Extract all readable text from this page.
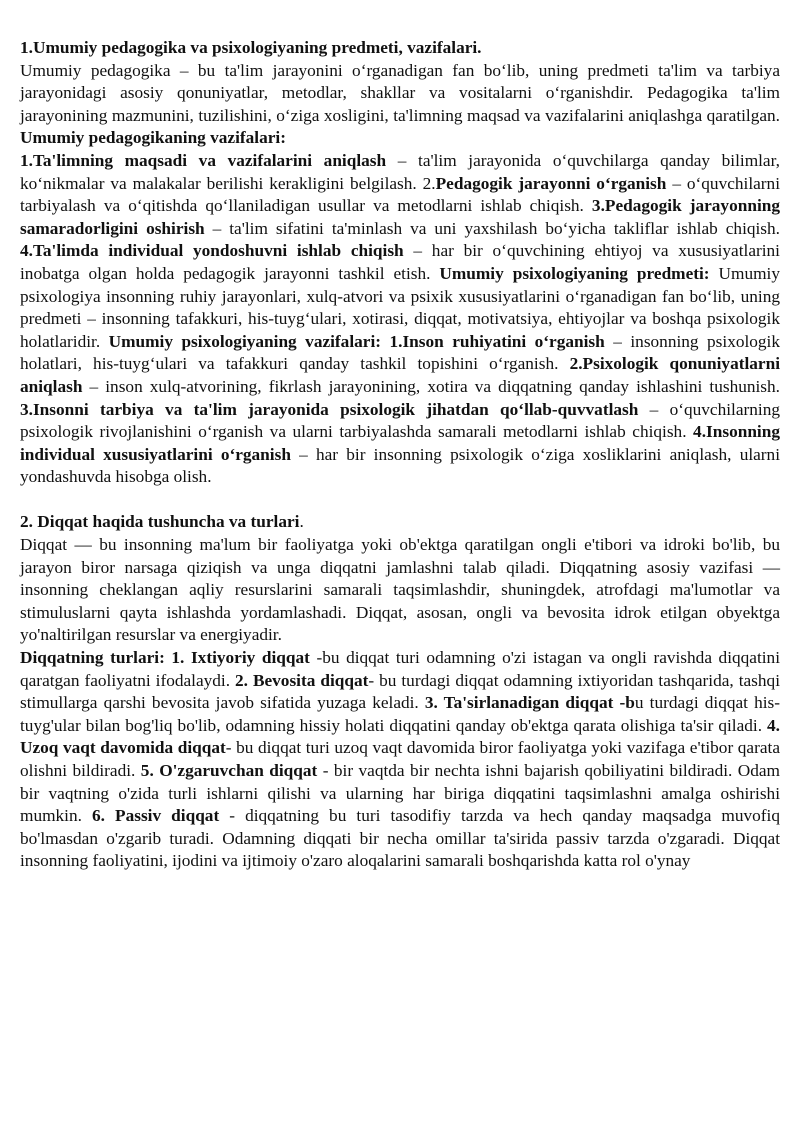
1.Umumiy pedagogika va psixologiyaning predmeti, vazifalari.

Umumiy pedagogika – bu ta'lim jarayonini o‘rganadigan fan bo‘lib, uning predmeti ta'lim va tarbiya jarayonidagi asosiy qonuniyatlar, metodlar, shakllar va vositalarni o‘rganishdir. Pedagogika ta'lim jarayonining mazmunini, tuzilishini, o‘ziga xosligini, ta'limning maqsad va vazifalarini aniqlashga qaratilgan. Umumiy pedagogikaning vazifalari:

1.Ta'limning maqsadi va vazifalarini aniqlash – ta'lim jarayonida o‘quvchilarga qanday bilimlar, ko‘nikmalar va malakalar berilishi kerakligini belgilash. 2.Pedagogik jarayonni o‘rganish – o‘quvchilarni tarbiyalash va o‘qitishda qo‘llaniladigan usullar va metodlarni ishlab chiqish. 3.Pedagogik jarayonning samaradorligini oshirish – ta'lim sifatini ta'minlash va uni yaxshilash bo‘yicha takliflar ishlab chiqish. 4.Ta'limda individual yondoshuvni ishlab chiqish – har bir o‘quvchining ehtiyoj va xususiyatlarini inobatga olgan holda pedagogik jarayonni tashkil etish. Umumiy psixologiyaning predmeti: Umumiy psixologiya insonning ruhiy jarayonlari, xulq-atvori va psixik xususiyatlarini o‘rganadigan fan bo‘lib, uning predmeti – insonning tafakkuri, his-tuyg‘ulari, xotirasi, diqqat, motivatsiya, ehtiyojlar va boshqa psixologik holatlaridir. Umumiy psixologiyaning vazifalari: 1.Inson ruhiyatini o‘rganish – insonning psixologik holatlari, his-tuyg‘ulari va tafakkuri qanday tashkil topishini o‘rganish. 2.Psixologik qonuniyatlarni aniqlash – inson xulq-atvorining, fikrlash jarayonining, xotira va diqqatning qanday ishlashini tushunish. 3.Insonni tarbiya va ta'lim jarayonida psixologik jihatdan qo‘llab-quvvatlash – o‘quvchilarning psixologik rivojlanishini o‘rganish va ularni tarbiyalashda samarali metodlarni ishlab chiqish. 4.Insonning individual xususiyatlarini o‘rganish – har bir insonning psixologik o‘ziga xosliklarini aniqlash, ularni yondashuvda hisobga olish.

2. Diqqat haqida tushuncha va turlari.

Diqqat — bu insonning ma'lum bir faoliyatga yoki ob'ektga qaratilgan ongli e'tibori va idroki bo'lib, bu jarayon biror narsaga qiziqish va unga diqqatni jamlashni talab qiladi. Diqqatning asosiy vazifasi — insonning cheklangan aqliy resurslarini samarali taqsimlashdir, shuningdek, atrofdagi ma'lumotlar va stimuluslarni qayta ishlashda yordamlashadi. Diqqat, asosan, ongli va bevosita idrok etilgan obyektga yo'naltirilgan resurslar va energiyadir.

Diqqatning turlari: 1. Ixtiyoriy diqqat -bu diqqat turi odamning o'zi istagan va ongli ravishda diqqatini qaratgan faoliyatni ifodalaydi. 2. Bevosita diqqat- bu turdagi diqqat odamning ixtiyoridan tashqarida, tashqi stimullarga qarshi bevosita javob sifatida yuzaga keladi. 3. Ta'sirlanadigan diqqat -bu turdagi diqqat his-tuyg'ular bilan bog'liq bo'lib, odamning hissiy holati diqqatini qanday ob'ektga qarata olishiga ta'sir qiladi. 4. Uzoq vaqt davomida diqqat- bu diqqat turi uzoq vaqt davomida biror faoliyatga yoki vazifaga e'tibor qarata olishni bildiradi. 5. O'zgaruvchan diqqat - bir vaqtda bir nechta ishni bajarish qobiliyatini bildiradi. Odam bir vaqtning o'zida turli ishlarni qilishi va ularning har biriga diqqatini taqsimlashni amalga oshirishi mumkin. 6. Passiv diqqat - diqqatning bu turi tasodifiy tarzda va hech qanday maqsadga muvofiq bo'lmasdan o'zgarib turadi. Odamning diqqati bir necha omillar ta'sirida passiv tarzda o'zgaradi. Diqqat insonning faoliyatini, ijodini va ijtimoiy o'zaro aloqalarini samarali boshqarishda katta rol o'ynay
